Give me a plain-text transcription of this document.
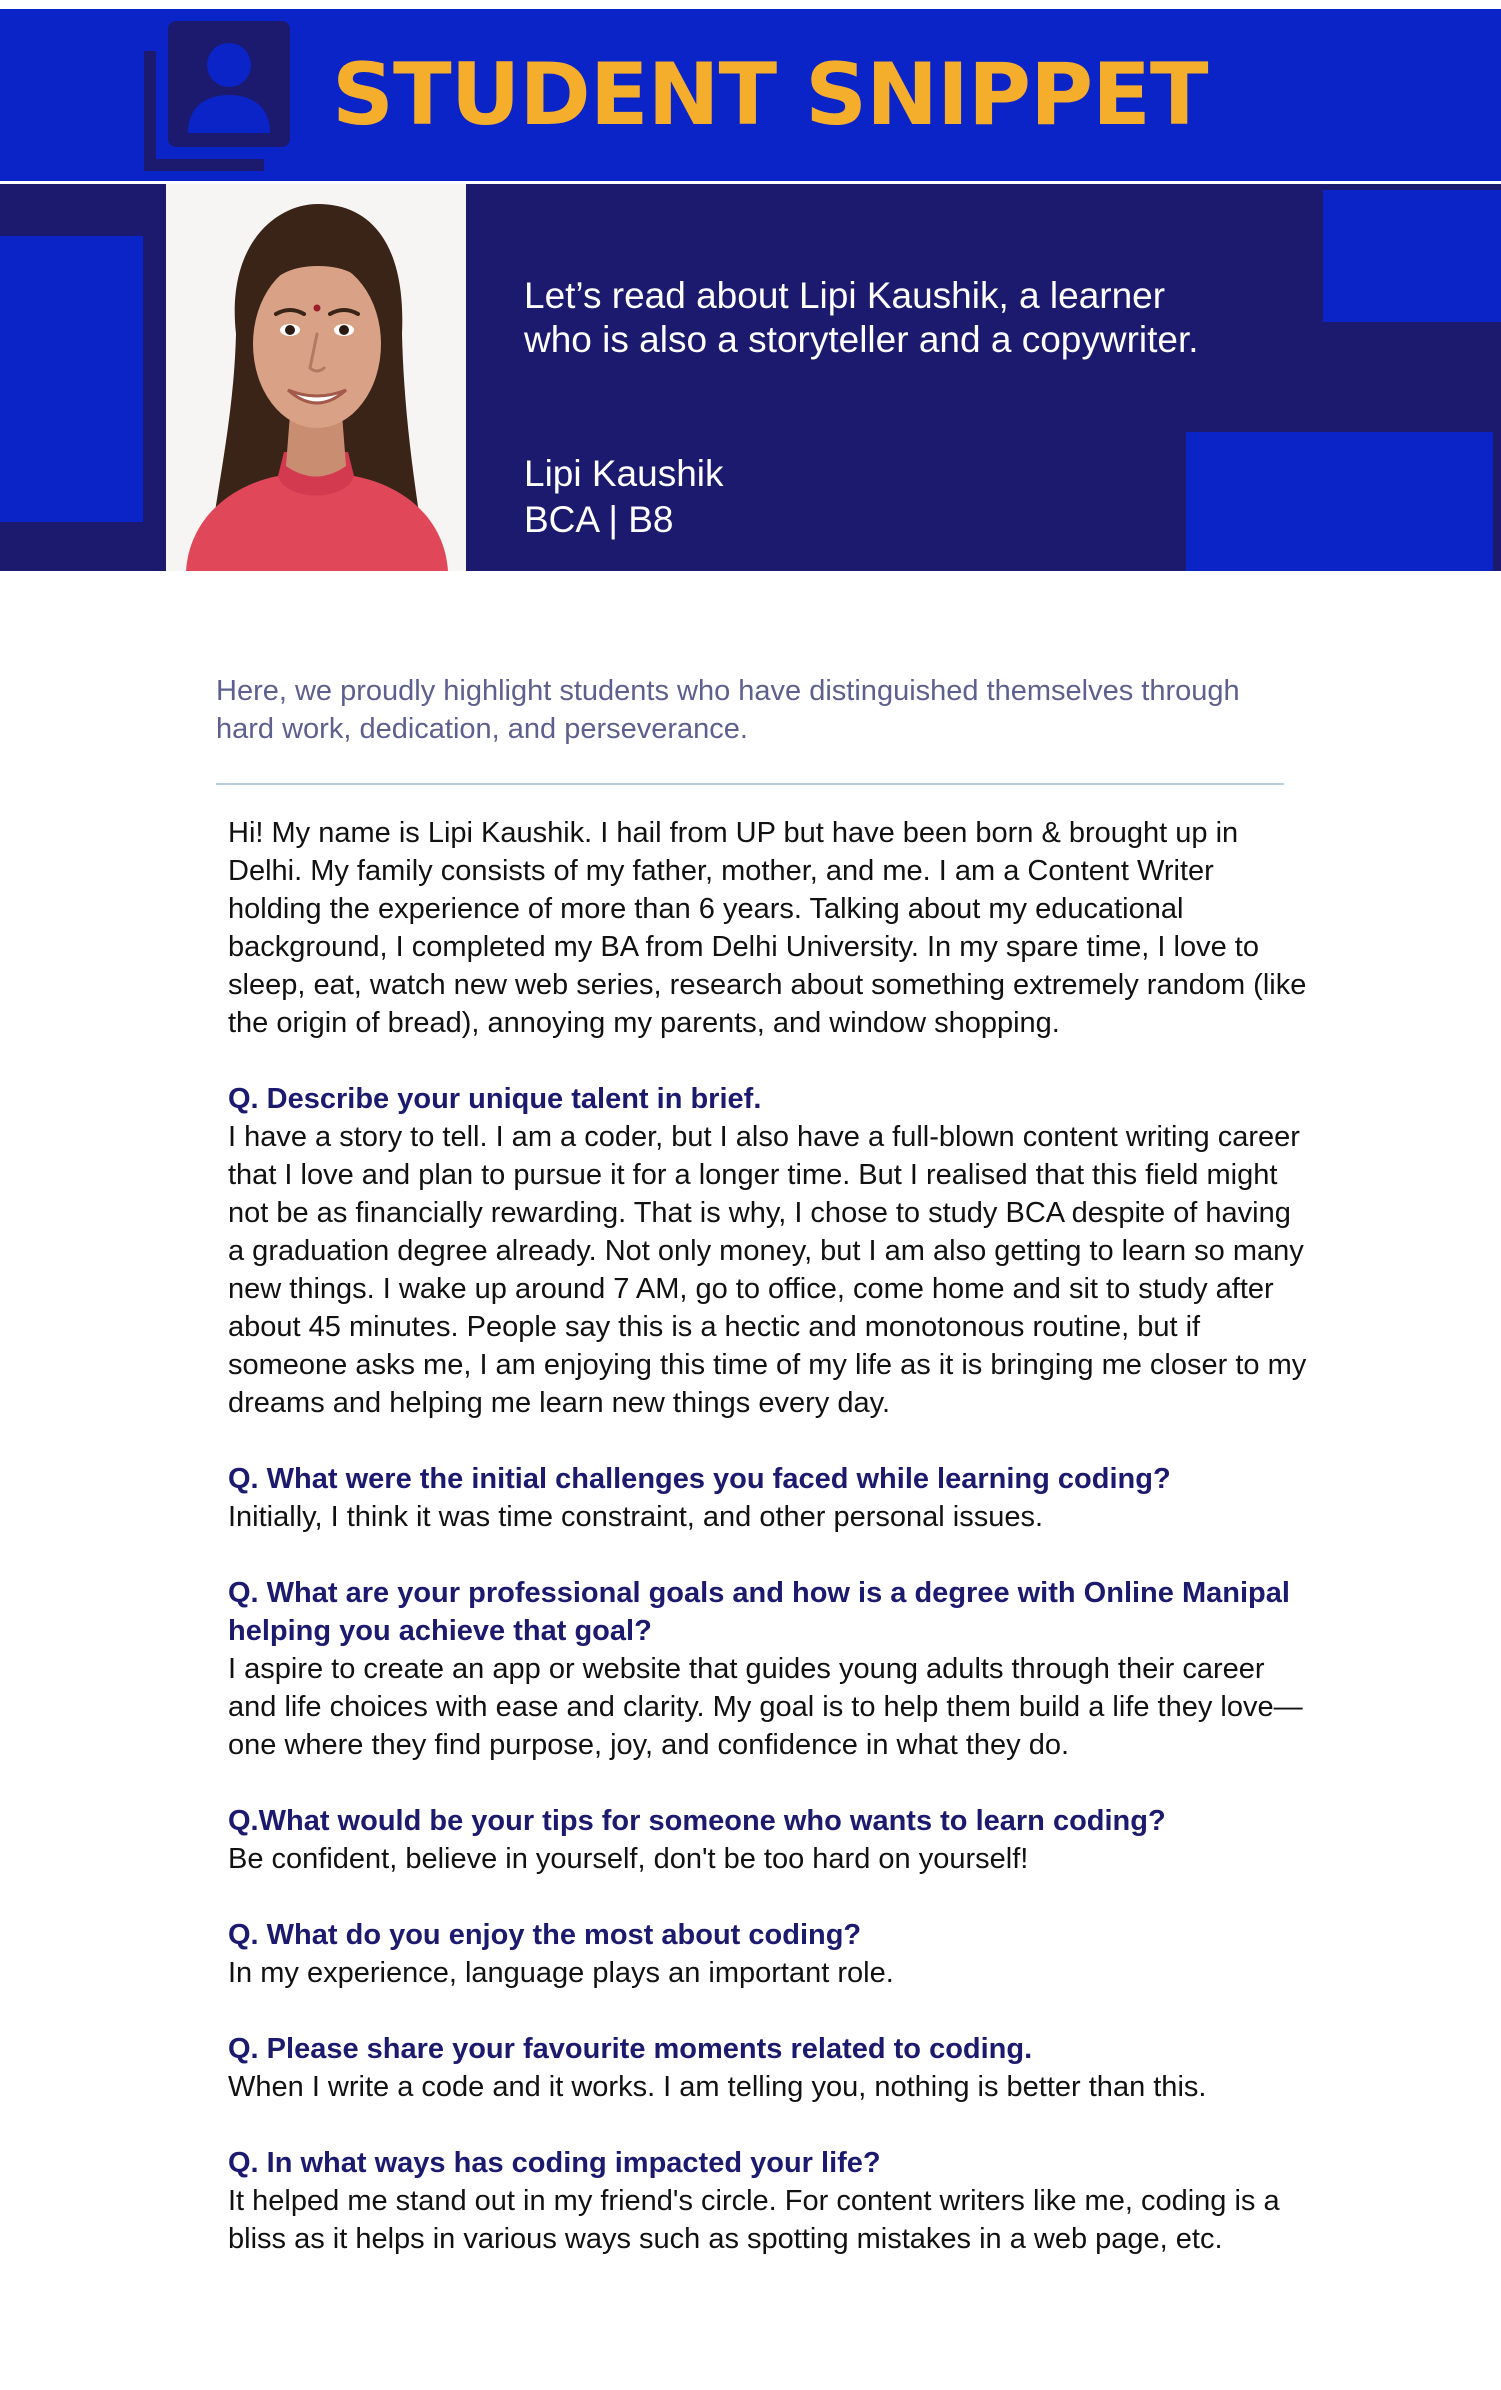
STUDENT SNIPPET

Let’s read about Lipi Kaushik, a learner who is also a storyteller and a copywriter.

Lipi Kaushik

BCA | B8

Here, we proudly highlight students who have distinguished themselves through hard work, dedication, and perseverance.

Hi! My name is Lipi Kaushik. I hail from UP but have been born & brought up in Delhi. My family consists of my father, mother, and me. I am a Content Writer holding the experience of more than 6 years. Talking about my educational background, I completed my BA from Delhi University. In my spare time, I love to sleep, eat, watch new web series, research about something extremely random (like the origin of bread), annoying my parents, and window shopping.

Q. Describe your unique talent in brief.

I have a story to tell. I am a coder, but I also have a full-blown content writing career that I love and plan to pursue it for a longer time. But I realised that this field might not be as financially rewarding. That is why, I chose to study BCA despite of having a graduation degree already. Not only money, but I am also getting to learn so many new things. I wake up around 7 AM, go to office, come home and sit to study after about 45 minutes. People say this is a hectic and monotonous routine, but if someone asks me, I am enjoying this time of my life as it is bringing me closer to my dreams and helping me learn new things every day.

Q. What were the initial challenges you faced while learning coding?

Initially, I think it was time constraint, and other personal issues.

Q. What are your professional goals and how is a degree with Online Manipal helping you achieve that goal?

I aspire to create an app or website that guides young adults through their career and life choices with ease and clarity. My goal is to help them build a life they love—one where they find purpose, joy, and confidence in what they do.

Q.What would be your tips for someone who wants to learn coding?

Be confident, believe in yourself, don't be too hard on yourself!

Q. What do you enjoy the most about coding?

In my experience, language plays an important role.

Q. Please share your favourite moments related to coding.

When I write a code and it works. I am telling you, nothing is better than this.

Q. In what ways has coding impacted your life?

It helped me stand out in my friend's circle. For content writers like me, coding is a bliss as it helps in various ways such as spotting mistakes in a web page, etc.
